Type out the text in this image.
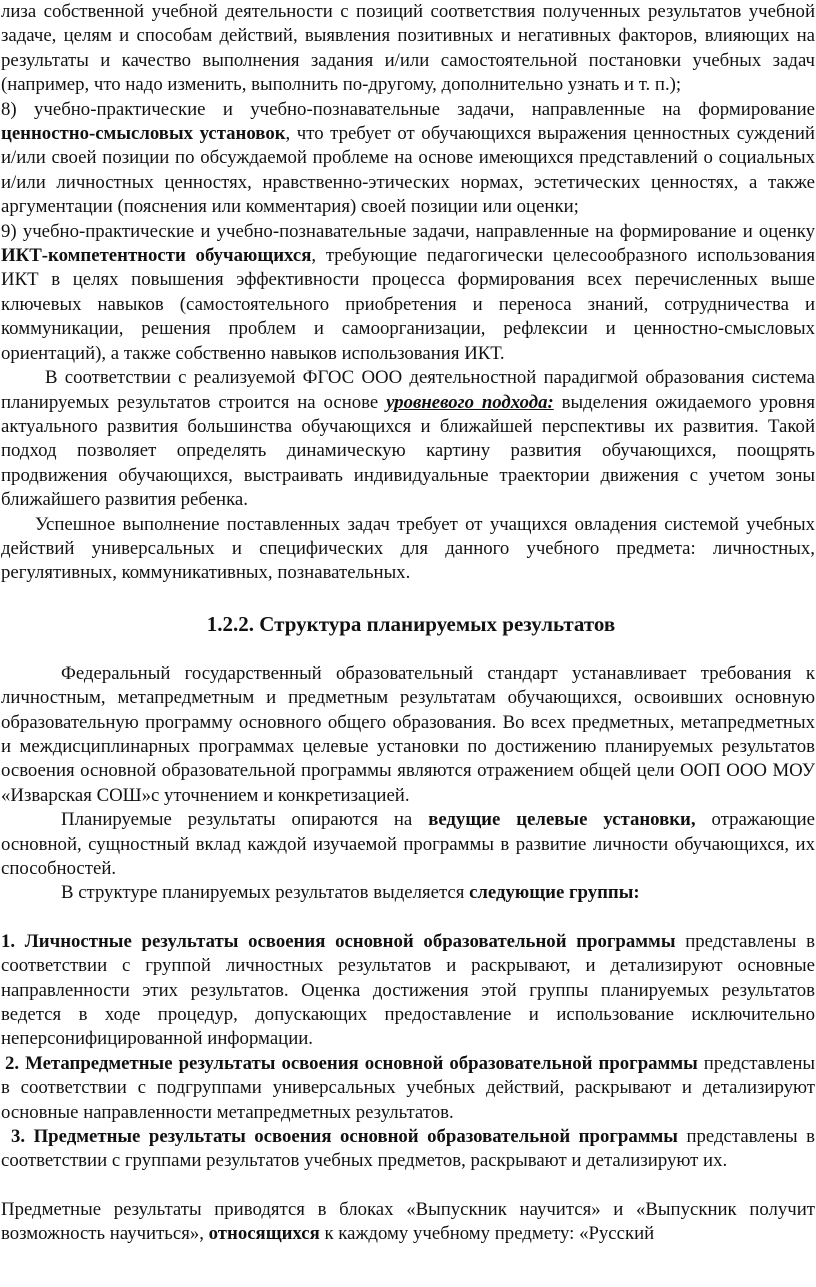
лиза собственной учебной деятельности с позиций соответствия полученных результатов учебной задаче, целям и способам действий, выявления позитивных и негативных факторов, влияющих на результаты и качество выполнения задания и/или самостоятельной постановки учебных задач (например, что надо изменить, выполнить по-другому, дополнительно узнать и т. п.);

8) учебно-практические и учебно-познавательные задачи, направленные на формирование ценностно-смысловых установок, что требует от обучающихся выражения ценностных суждений и/или своей позиции по обсуждаемой проблеме на основе имеющихся представлений о социальных и/или личностных ценностях, нравственно-этических нормах, эстетических ценностях, а также аргументации (пояснения или комментария) своей позиции или оценки;

9) учебно-практические и учебно-познавательные задачи, направленные на формирование и оценку ИКТ-компетентности обучающихся, требующие педагогически целесообразного использования ИКТ в целях повышения эффективности процесса формирования всех перечисленных выше ключевых навыков (самостоятельного приобретения и переноса знаний, сотрудничества и коммуникации, решения проблем и самоорганизации, рефлексии и ценностно-смысловых ориентаций), а также собственно навыков использования ИКТ.

В соответствии с реализуемой ФГОС ООО деятельностной парадигмой образования система планируемых результатов строится на основе уровневого подхода: выделения ожидаемого уровня актуального развития большинства обучающихся и ближайшей перспективы их развития. Такой подход позволяет определять динамическую картину развития обучающихся, поощрять продвижения обучающихся, выстраивать индивидуальные траектории движения с учетом зоны ближайшего развития ребенка.

Успешное выполнение поставленных задач требует от учащихся овладения системой учебных действий универсальных и специфических для данного учебного предмета: личностных, регулятивных, коммуникативных, познавательных.

1.2.2. Структура планируемых результатов

Федеральный государственный образовательный стандарт устанавливает требования к личностным, метапредметным и предметным результатам обучающихся, освоивших основную образовательную программу основного общего образования. Во всех предметных, метапредметных и междисциплинарных программах целевые установки по достижению планируемых результатов освоения основной образовательной программы являются отражением общей цели ООП ООО МОУ «Изварская СОШ»с уточнением и конкретизацией.

Планируемые результаты опираются на ведущие целевые установки, отражающие основной, сущностный вклад каждой изучаемой программы в развитие личности обучающихся, их способностей.

В структуре планируемых результатов выделяется следующие группы:

1. Личностные результаты освоения основной образовательной программы представлены в соответствии с группой личностных результатов и раскрывают, и детализируют основные направленности этих результатов. Оценка достижения этой группы планируемых результатов ведется в ходе процедур, допускающих предоставление и использование исключительно неперсонифицированной информации.

2. Метапредметные результаты освоения основной образовательной программы представлены в соответствии с подгруппами универсальных учебных действий, раскрывают и детализируют основные направленности метапредметных результатов.

3. Предметные результаты освоения основной образовательной программы представлены в соответствии с группами результатов учебных предметов, раскрывают и детализируют их.

Предметные результаты приводятся в блоках «Выпускник научится» и «Выпускник получит возможность научиться», относящихся к каждому учебному предмету: «Русский
